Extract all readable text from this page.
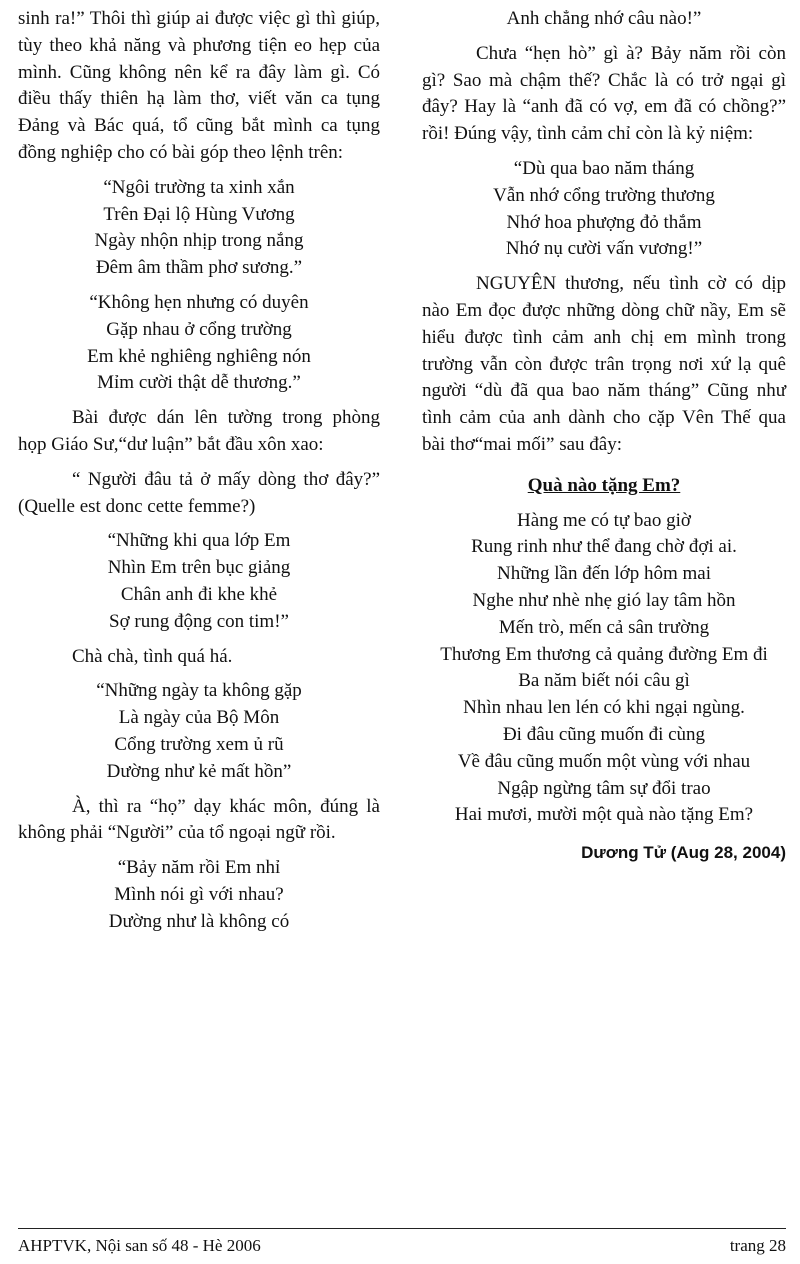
sinh ra!” Thôi thì giúp ai được việc gì thì giúp, tùy theo khả năng và phương tiện eo hẹp của mình. Cũng không nên kể ra đây làm gì. Có điều thấy thiên hạ làm thơ, viết văn ca tụng Đảng và Bác quá, tổ cũng bắt mình ca tụng đồng nghiệp cho có bài góp theo lệnh trên:

“Ngôi trường ta xinh xắn
Trên Đại lộ Hùng Vương
Ngày nhộn nhịp trong nắng
Đêm âm thầm phơ sương.”
“Không hẹn nhưng có duyên
Gặp nhau ở cổng trường
Em khẻ nghiêng nghiêng nón
Mỉm cười thật dễ thương.”

Bài được dán lên tường trong phòng họp Giáo Sư,“dư luận” bắt đầu xôn xao:

“ Người đâu tả ở mấy dòng thơ đây?” (Quelle est donc cette femme?)

“Những khi qua lớp Em
Nhìn Em trên bục giảng
Chân anh đi khe khẻ
Sợ rung động con tim!”

Chà chà, tình quá há.

“Những ngày ta không gặp
Là ngày của Bộ Môn
Cổng trường xem ủ rũ
Dường như kẻ mất hồn”

À, thì ra “họ” dạy khác môn, đúng là không phải “Người” của tổ ngoại ngữ rồi.

“Bảy năm rồi Em nhỉ
Mình nói gì với nhau?
Dường như là không có
Anh chẳng nhớ câu nào!”

Chưa “hẹn hò” gì à? Bảy năm rồi còn gì? Sao mà chậm thế? Chắc là có trở ngại gì đây? Hay là “anh đã có vợ, em đã có chồng?” rồi! Đúng vậy, tình cảm chỉ còn là kỷ niệm:

“Dù qua bao năm tháng
Vẫn nhớ cổng trường thương
Nhớ hoa phượng đỏ thắm
Nhớ nụ cười vấn vương!”

NGUYÊN thương, nếu tình cờ có dịp nào Em đọc được những dòng chữ nầy, Em sẽ hiểu được tình cảm anh chị em mình trong trường vẫn còn được trân trọng nơi xứ lạ quê người “dù đã qua bao năm tháng” Cũng như tình cảm của anh dành cho cặp Vên Thế qua bài thơ“mai mối” sau đây:

Quà nào tặng Em?
Hàng me có tự bao giờ
Rung rinh như thể đang chờ đợi ai.
Những lần đến lớp hôm mai
Nghe như nhè nhẹ gió lay tâm hồn
Mến trò, mến cả sân trường
Thương Em thương cả quảng đường Em đi
Ba năm biết nói câu gì
Nhìn nhau len lén có khi ngại ngùng.
Đi đâu cũng muốn đi cùng
Về đâu cũng muốn một vùng với nhau
Ngập ngừng tâm sự đổi trao
Hai mươi, mười một quà nào tặng Em?
Dương Tử (Aug 28, 2004)
AHPTVK, Nội san số 48 - Hè 2006	trang 28
